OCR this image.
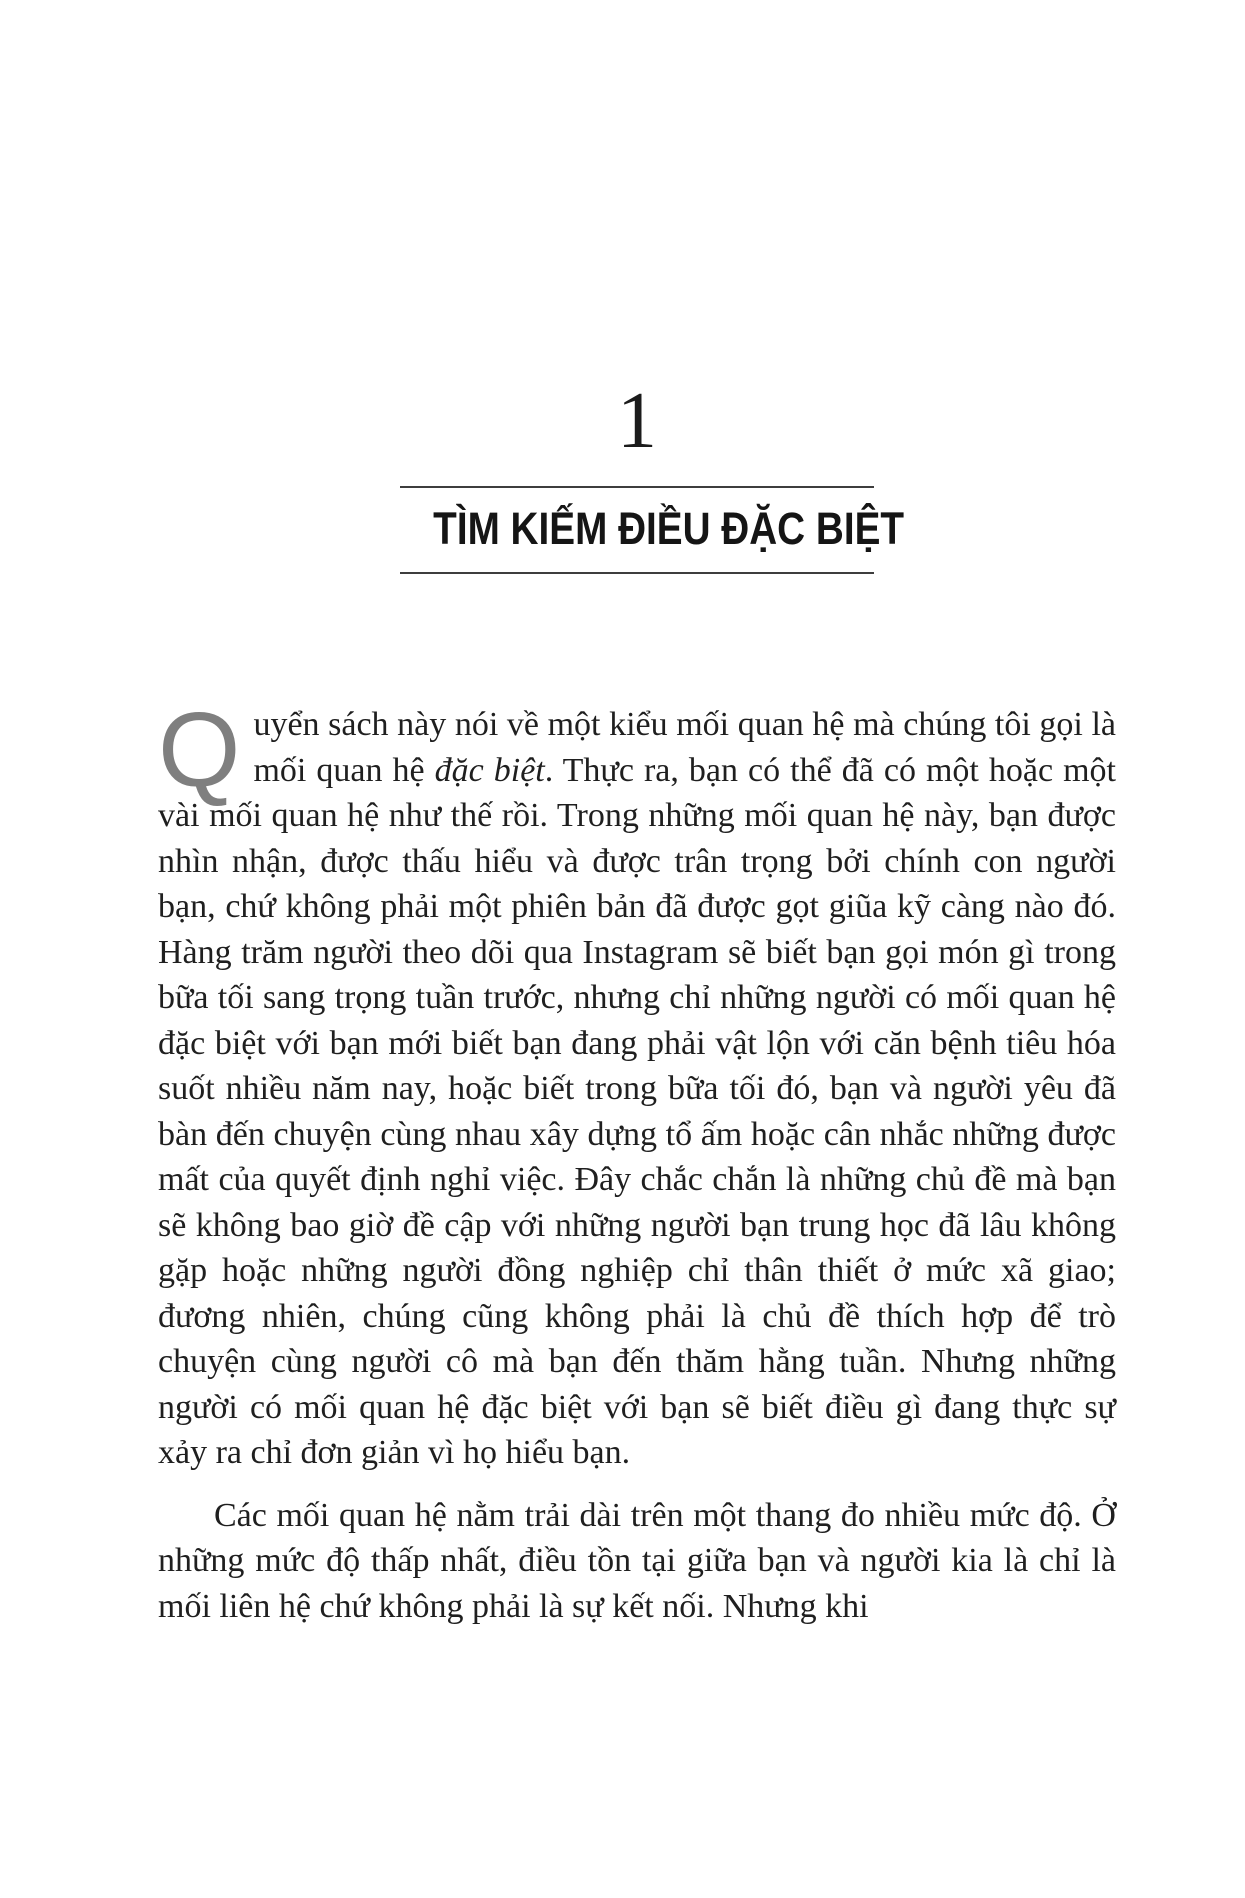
1
TÌM KIẾM ĐIỀU ĐẶC BIỆT

Quyển sách này nói về một kiểu mối quan hệ mà chúng tôi gọi là mối quan hệ đặc biệt. Thực ra, bạn có thể đã có một hoặc một vài mối quan hệ như thế rồi. Trong những mối quan hệ này, bạn được nhìn nhận, được thấu hiểu và được trân trọng bởi chính con người bạn, chứ không phải một phiên bản đã được gọt giũa kỹ càng nào đó. Hàng trăm người theo dõi qua Instagram sẽ biết bạn gọi món gì trong bữa tối sang trọng tuần trước, nhưng chỉ những người có mối quan hệ đặc biệt với bạn mới biết bạn đang phải vật lộn với căn bệnh tiêu hóa suốt nhiều năm nay, hoặc biết trong bữa tối đó, bạn và người yêu đã bàn đến chuyện cùng nhau xây dựng tổ ấm hoặc cân nhắc những được mất của quyết định nghỉ việc. Đây chắc chắn là những chủ đề mà bạn sẽ không bao giờ đề cập với những người bạn trung học đã lâu không gặp hoặc những người đồng nghiệp chỉ thân thiết ở mức xã giao; đương nhiên, chúng cũng không phải là chủ đề thích hợp để trò chuyện cùng người cô mà bạn đến thăm hằng tuần. Nhưng những người có mối quan hệ đặc biệt với bạn sẽ biết điều gì đang thực sự xảy ra chỉ đơn giản vì họ hiểu bạn.

Các mối quan hệ nằm trải dài trên một thang đo nhiều mức độ. Ở những mức độ thấp nhất, điều tồn tại giữa bạn và người kia là chỉ là mối liên hệ chứ không phải là sự kết nối. Nhưng khi
